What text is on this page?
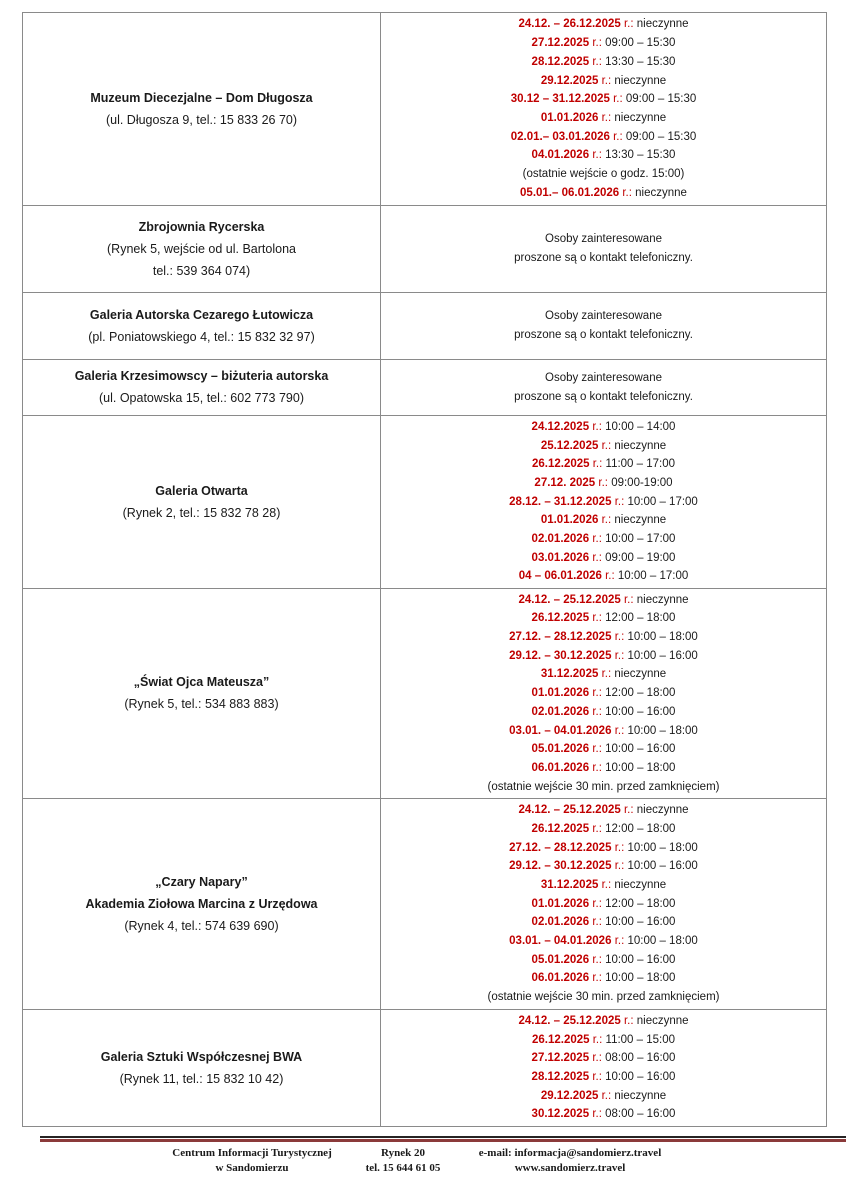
Muzeum Diecezjalne – Dom Długosza
(ul. Długosza 9, tel.: 15 833 26 70)
24.12. – 26.12.2025 r.: nieczynne
27.12.2025 r.: 09:00 – 15:30
28.12.2025 r.: 13:30 – 15:30
29.12.2025 r.: nieczynne
30.12 – 31.12.2025 r.: 09:00 – 15:30
01.01.2026 r.: nieczynne
02.01.– 03.01.2026 r.: 09:00 – 15:30
04.01.2026 r.: 13:30 – 15:30
(ostatnie wejście o godz. 15:00)
05.01.– 06.01.2026 r.: nieczynne
Zbrojownia Rycerska
(Rynek 5, wejście od ul. Bartolona
tel.: 539 364 074)
Osoby zainteresowane
proszone są o kontakt telefoniczny.
Galeria Autorska Cezarego Łutowicza
(pl. Poniatowskiego 4, tel.: 15 832 32 97)
Osoby zainteresowane
proszone są o kontakt telefoniczny.
Galeria Krzesimowscy – biżuteria autorska
(ul. Opatowska 15, tel.: 602 773 790)
Osoby zainteresowane
proszone są o kontakt telefoniczny.
Galeria Otwarta
(Rynek 2, tel.: 15 832 78 28)
24.12.2025 r.: 10:00 – 14:00
25.12.2025 r.: nieczynne
26.12.2025 r.: 11:00 – 17:00
27.12. 2025 r.: 09:00-19:00
28.12. – 31.12.2025 r.: 10:00 – 17:00
01.01.2026 r.: nieczynne
02.01.2026 r.: 10:00 – 17:00
03.01.2026 r.: 09:00 – 19:00
04 – 06.01.2026 r.: 10:00 – 17:00
„Świat Ojca Mateusza”
(Rynek 5, tel.: 534 883 883)
24.12. – 25.12.2025 r.: nieczynne
26.12.2025 r.: 12:00 – 18:00
27.12. – 28.12.2025 r.: 10:00 – 18:00
29.12. – 30.12.2025 r.: 10:00 – 16:00
31.12.2025 r.: nieczynne
01.01.2026 r.: 12:00 – 18:00
02.01.2026 r.: 10:00 – 16:00
03.01. – 04.01.2026 r.: 10:00 – 18:00
05.01.2026 r.: 10:00 – 16:00
06.01.2026 r.: 10:00 – 18:00
(ostatnie wejście 30 min. przed zamknięciem)
„Czary Napary”
Akademia Ziołowa Marcina z Urzędowa
(Rynek 4, tel.: 574 639 690)
24.12. – 25.12.2025 r.: nieczynne
26.12.2025 r.: 12:00 – 18:00
27.12. – 28.12.2025 r.: 10:00 – 18:00
29.12. – 30.12.2025 r.: 10:00 – 16:00
31.12.2025 r.: nieczynne
01.01.2026 r.: 12:00 – 18:00
02.01.2026 r.: 10:00 – 16:00
03.01. – 04.01.2026 r.: 10:00 – 18:00
05.01.2026 r.: 10:00 – 16:00
06.01.2026 r.: 10:00 – 18:00
(ostatnie wejście 30 min. przed zamknięciem)
Galeria Sztuki Współczesnej BWA
(Rynek 11, tel.: 15 832 10 42)
24.12. – 25.12.2025 r.: nieczynne
26.12.2025 r.: 11:00 – 15:00
27.12.2025 r.: 08:00 – 16:00
28.12.2025 r.: 10:00 – 16:00
29.12.2025 r.: nieczynne
30.12.2025 r.: 08:00 – 16:00
Centrum Informacji Turystycznej
w Sandomierzu
Rynek 20
tel. 15 644 61 05
e-mail: informacja@sandomierz.travel
www.sandomierz.travel
